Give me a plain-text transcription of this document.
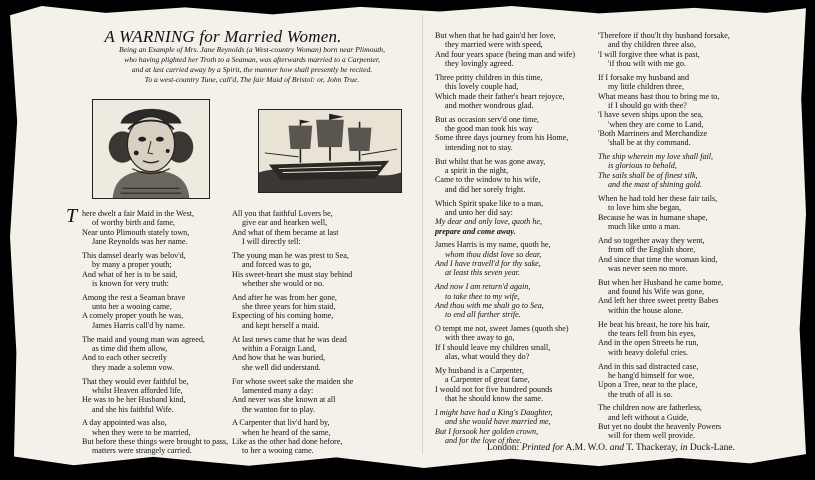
A WARNING for Married Women.
Being an Example of Mrs. Jane Reynolds (a West-country Woman) born near Plimouth,
who having plighted her Troth to a Seaman, was afterwards married to a Carpenter,
and at last carried away by a Spirit, the manner how shall presently be recited.
To a west-country Tune, call'd, The fair Maid of Bristol: or, John True.
T here dwelt a fair Maid in the West,
of worthy birth and fame,
Near unto Plimouth stately town,
Jane Reynolds was her name.
This damsel dearly was belov'd,
by many a proper youth;
And what of her is to be said,
is known for very truth:
Among the rest a Seaman brave
unto her a wooing came,
A comely proper youth he was,
James Harris call'd by name.
The maid and young man was agreed,
as time did them allow,
And to each other secretly
they made a solemn vow.
That they would ever faithful be,
whilst Heaven afforded life,
He was to be her Husband kind,
and she his faithful Wife.
A day appointed was also,
when they were to be married,
But before these things were brought to pass,
matters were strangely carried.
All you that faithful Lovers be,
give ear and hearken well,
And what of them became at last
I will directly tell:
The young man he was prest to Sea,
and forced was to go,
His sweet-heart she must stay behind
whether she would or no.
And after he was from her gone,
she three years for him staid,
Expecting of his coming home,
and kept herself a maid.
At last news came that he was dead
within a Foraign Land,
And how that he was buried,
she well did understand.
For whose sweet sake the maiden she
lamented many a day:
And never was she known at all
the wanton for to play.
A Carpenter that liv'd hard by,
when he heard of the same,
Like as the other had done before,
to her a wooing came.
But when that he had gain'd her love,
they married were with speed,
And four years space (being man and wife)
they lovingly agreed.
Three pritty children in this time,
this lovely couple had,
Which made their father's heart rejoyce,
and mother wondrous glad.
But as occasion serv'd one time,
the good man took his way
Some three days journey from his Home,
intending not to stay.
But whilst that he was gone away,
a spirit in the night,
Came to the window to his wife,
and did her sorely fright.
Which Spirit spake like to a man,
and unto her did say:
My dear and only love, quoth he,
prepare and come away.
James Harris is my name, quoth he,
whom thou didst love so dear,
And I have travell'd for thy sake,
at least this seven year.
And now I am return'd again,
to take thee to my wife,
And thou with me shalt go to Sea,
to end all further strife.
O tempt me not, sweet James (quoth she)
with thee away to go,
If I should leave my children small,
alas, what would they do?
My husband is a Carpenter,
a Carpenter of great fame,
I would not for five hundred pounds
that he should know the same.
I might have had a King's Daughter,
and she would have married me,
But I forsook her golden crown,
and for the love of thee.
'Therefore if thou'lt thy husband forsake,
and thy children three also,
'I will forgive thee what is past,
'if thou wilt with me go.
If I forsake my husband and
my little children three,
What means hast thou to bring me to,
if I should go with thee?
'I have seven ships upon the sea,
'when they are come to Land,
'Both Marriners and Merchandize
'shall be at thy command.
The ship wherein my love shall fail,
is glorious to behold,
The sails shall be of finest silk,
and the mast of shining gold.
When he had told her these fair tails,
to love him she began,
Because he was in humane shape,
much like unto a man.
And so together away they went,
from off the English shore,
And since that time the woman kind,
was never seen no more.
But when her Husband he came home,
and found his Wife was gone,
And left her three sweet pretty Babes
within the house alone.
He beat his breast, he tore his hair,
the tears fell from his eyes,
And in the open Streets he run,
with heavy doleful cries.
And in this sad distracted case,
he hang'd himself for woe,
Upon a Tree, near to the place,
the truth of all is so.
The children now are fatherless,
and left without a Guide,
But yet no doubt the heavenly Powers
will for them well provide.
London: Printed for A.M. W.O. and T. Thackeray, in Duck-Lane.
